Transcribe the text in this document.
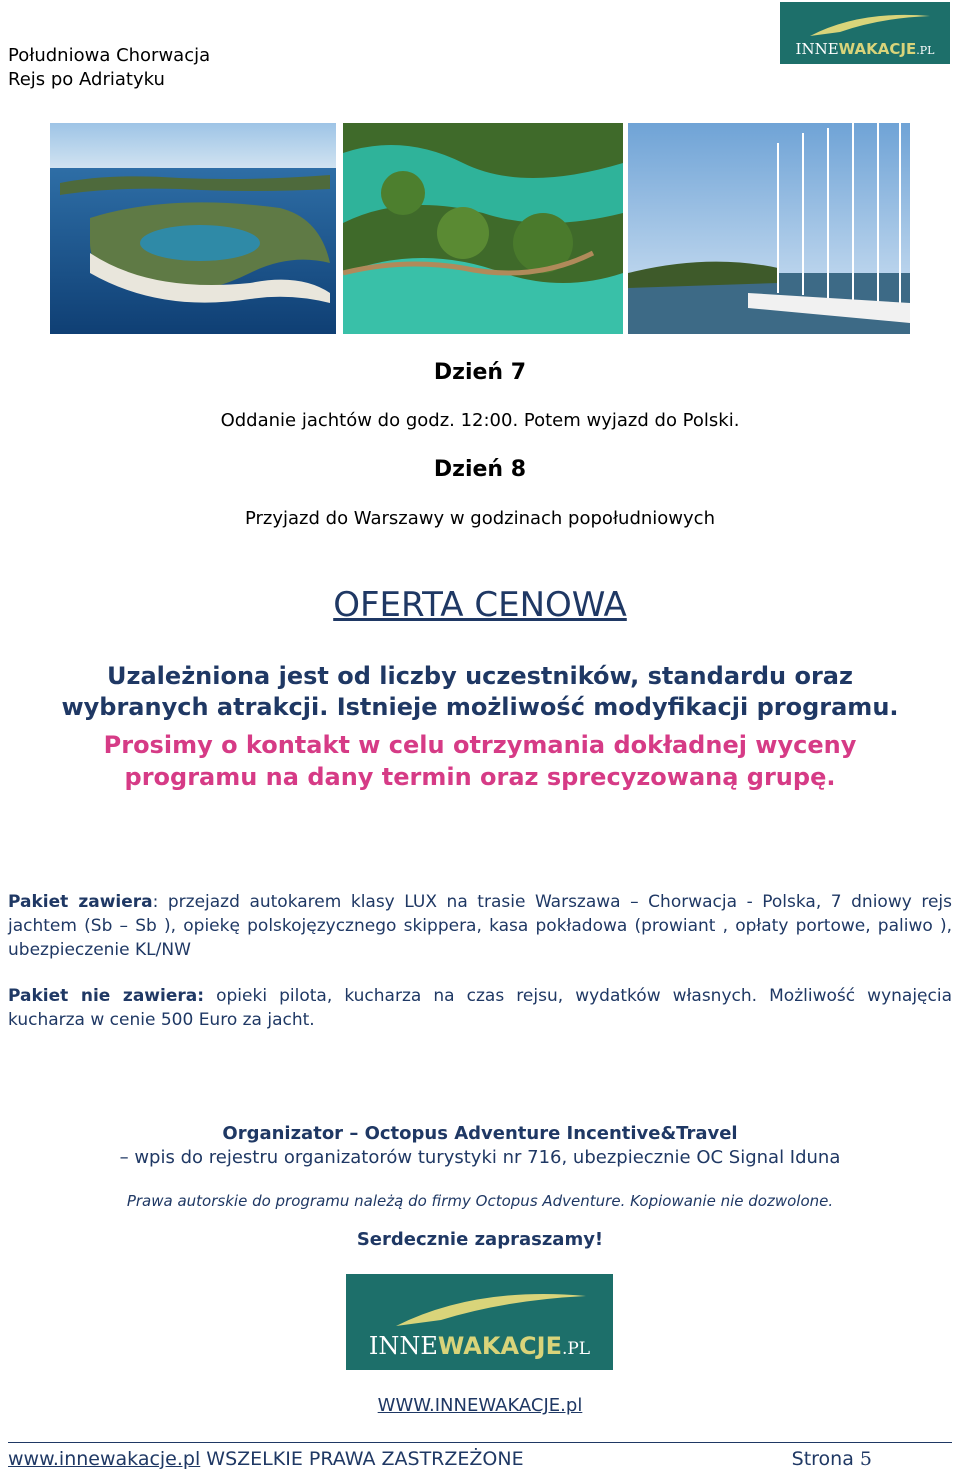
Południowa Chorwacja
Rejs po Adriatyku
INNEWAKACJE.PL
Dzień 7
Oddanie jachtów do godz. 12:00. Potem wyjazd do Polski.
Dzień 8
Przyjazd do Warszawy w godzinach popołudniowych
OFERTA CENOWA
Uzależniona jest od liczby uczestników, standardu oraz
wybranych atrakcji. Istnieje możliwość modyfikacji programu.
Prosimy o kontakt w celu otrzymania dokładnej wyceny
programu na dany termin oraz sprecyzowaną grupę.
Pakiet zawiera: przejazd autokarem klasy LUX na trasie Warszawa – Chorwacja - Polska, 7 dniowy rejs jachtem (Sb – Sb ), opiekę polskojęzycznego skippera, kasa pokładowa (prowiant , opłaty portowe, paliwo ), ubezpieczenie KL/NW
Pakiet nie zawiera: opieki pilota, kucharza na czas rejsu, wydatków własnych. Możliwość wynajęcia kucharza w cenie 500 Euro za jacht.
Organizator – Octopus Adventure Incentive&Travel
– wpis do rejestru organizatorów turystyki nr 716, ubezpiecznie OC Signal Iduna
Prawa autorskie do programu należą do firmy Octopus Adventure. Kopiowanie nie dozwolone.
Serdecznie zapraszamy!
INNEWAKACJE.PL
WWW.INNEWAKACJE.pl
www.innewakacje.pl WSZELKIE PRAWA ZASTRZEŻONE	Strona 5
